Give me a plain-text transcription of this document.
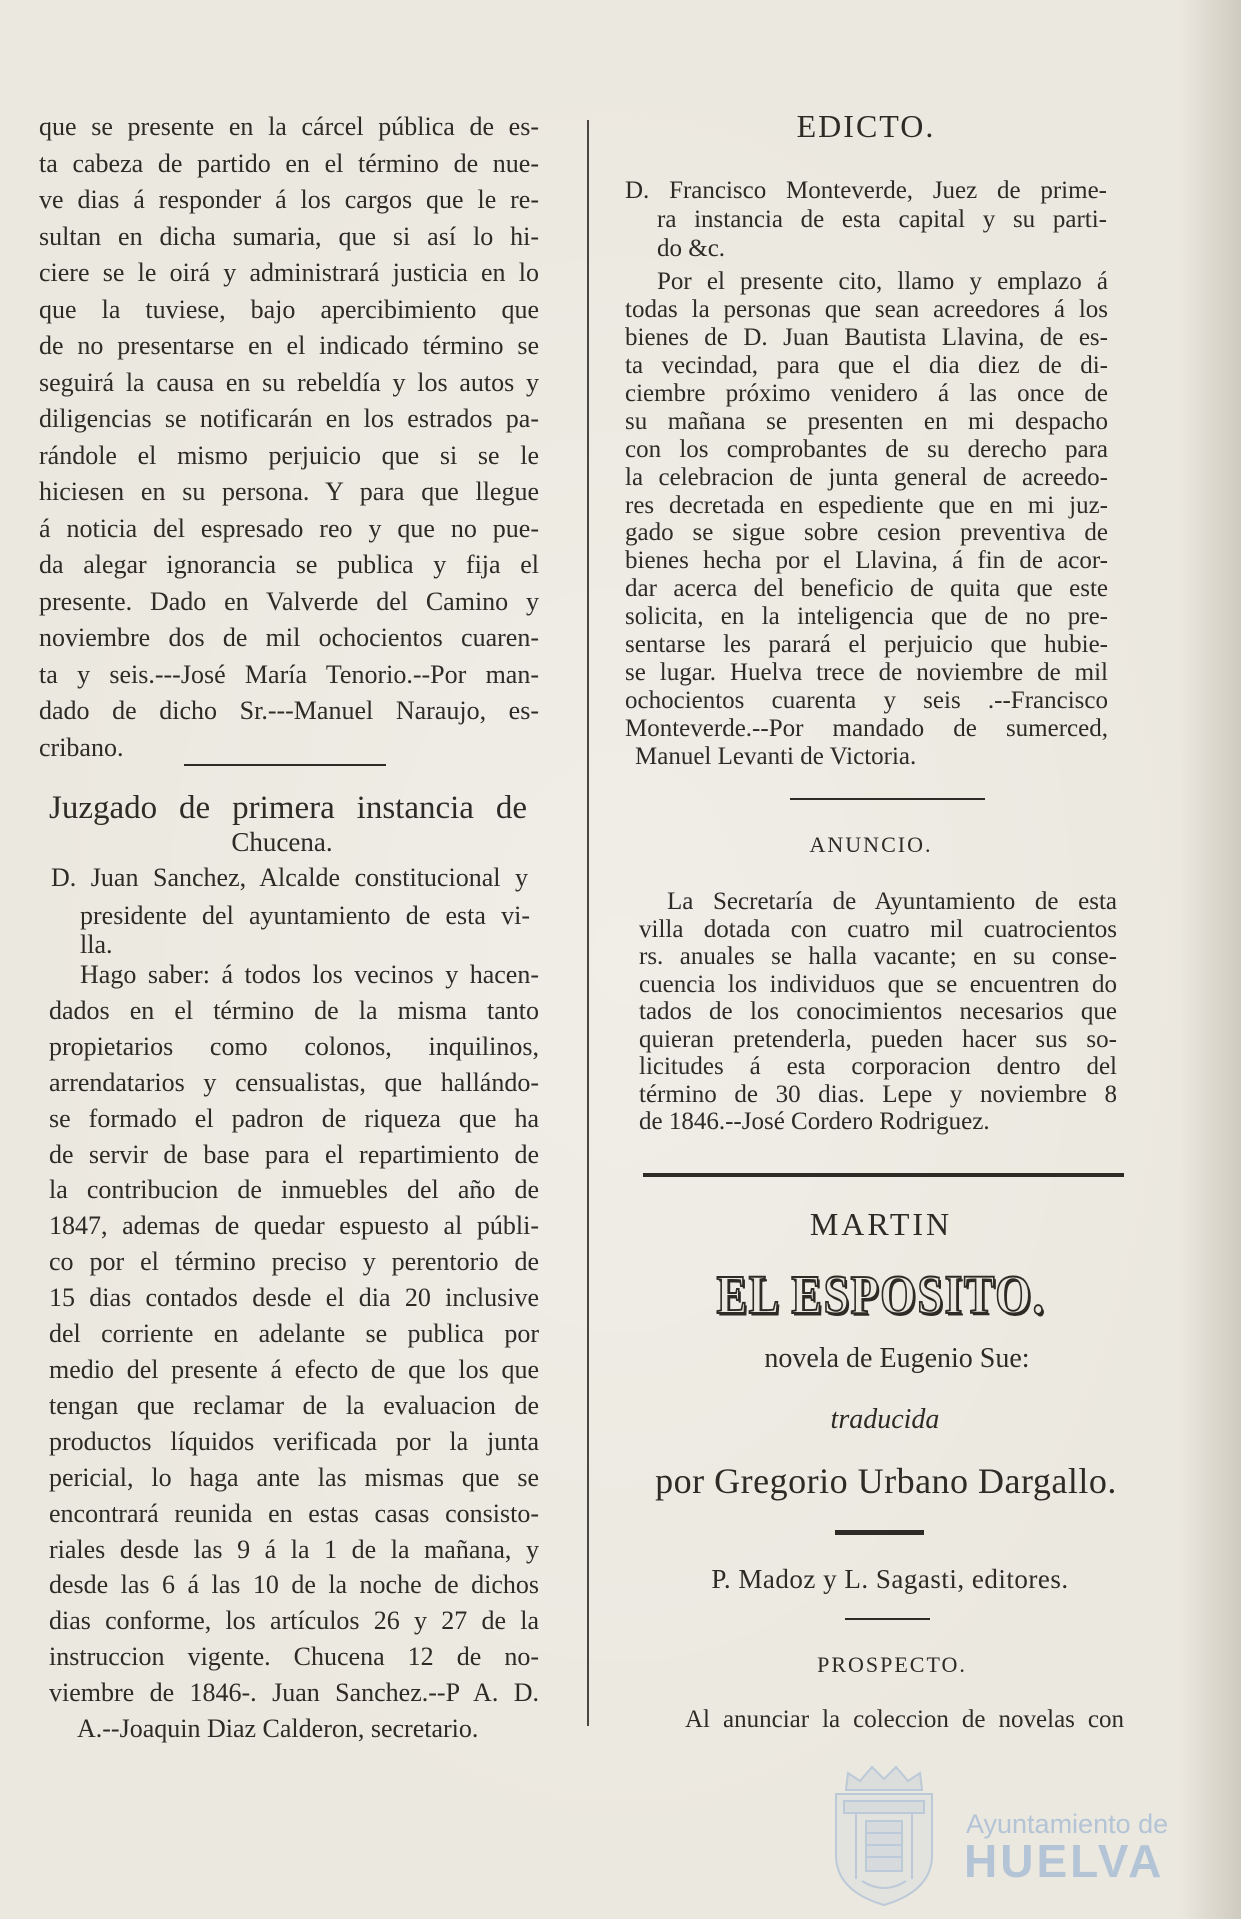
que se presente en la cárcel pública de es-
ta cabeza de partido en el término de nue-
ve dias á responder á los cargos que le re-
sultan en dicha sumaria, que si así lo hi-
ciere se le oirá y administrará justicia en lo
que la tuviese, bajo apercibimiento que
de no presentarse en el indicado término se
seguirá la causa en su rebeldía y los autos y
diligencias se notificarán en los estrados pa-
rándole el mismo perjuicio que si se le
hiciesen en su persona. Y para que llegue
á noticia del espresado reo y que no pue-
da alegar ignorancia se publica y fija el
presente. Dado en Valverde del Camino y
noviembre dos de mil ochocientos cuaren-
ta y seis.---José María Tenorio.--Por man-
dado de dicho Sr.---Manuel Naraujo, es-
cribano.
Juzgado de primera instancia de
Chucena.
D. Juan Sanchez, Alcalde constitucional y
presidente del ayuntamiento de esta vi-
lla.
Hago saber: á todos los vecinos y hacen-
dados en el término de la misma tanto
propietarios como colonos, inquilinos,
arrendatarios y censualistas, que hallándo-
se formado el padron de riqueza que ha
de servir de base para el repartimiento de
la contribucion de inmuebles del año de
1847, ademas de quedar espuesto al públi-
co por el término preciso y perentorio de
15 dias contados desde el dia 20 inclusive
del corriente en adelante se publica por
medio del presente á efecto de que los que
tengan que reclamar de la evaluacion de
productos líquidos verificada por la junta
pericial, lo haga ante las mismas que se
encontrará reunida en estas casas consisto-
riales desde las 9 á la 1 de la mañana, y
desde las 6 á las 10 de la noche de dichos
dias conforme, los artículos 26 y 27 de la
instruccion vigente. Chucena 12 de no-
viembre de 1846-. Juan Sanchez.--P A. D.
A.--Joaquin Diaz Calderon, secretario.
EDICTO.
D. Francisco Monteverde, Juez de prime-
ra instancia de esta capital y su parti-
do &c.
Por el presente cito, llamo y emplazo á
todas la personas que sean acreedores á los
bienes de D. Juan Bautista Llavina, de es-
ta vecindad, para que el dia diez de di-
ciembre próximo venidero á las once de
su mañana se presenten en mi despacho
con los comprobantes de su derecho para
la celebracion de junta general de acreedo-
res decretada en espediente que en mi juz-
gado se sigue sobre cesion preventiva de
bienes hecha por el Llavina, á fin de acor-
dar acerca del beneficio de quita que este
solicita, en la inteligencia que de no pre-
sentarse les parará el perjuicio que hubie-
se lugar. Huelva trece de noviembre de mil
ochocientos cuarenta y seis .--Francisco
Monteverde.--Por mandado de sumerced,
Manuel Levanti de Victoria.
ANUNCIO.
La Secretaría de Ayuntamiento de esta
villa dotada con cuatro mil cuatrocientos
rs. anuales se halla vacante; en su conse-
cuencia los individuos que se encuentren do
tados de los conocimientos necesarios que
quieran pretenderla, pueden hacer sus so-
licitudes á esta corporacion dentro del
término de 30 dias. Lepe y noviembre 8
de 1846.--José Cordero Rodriguez.
MARTIN
EL ESPOSITO.
novela de Eugenio Sue:
traducida
por Gregorio Urbano Dargallo.
P. Madoz y L. Sagasti, editores.
PROSPECTO.
Al anunciar la coleccion de novelas con
Ayuntamiento de
HUELVA
